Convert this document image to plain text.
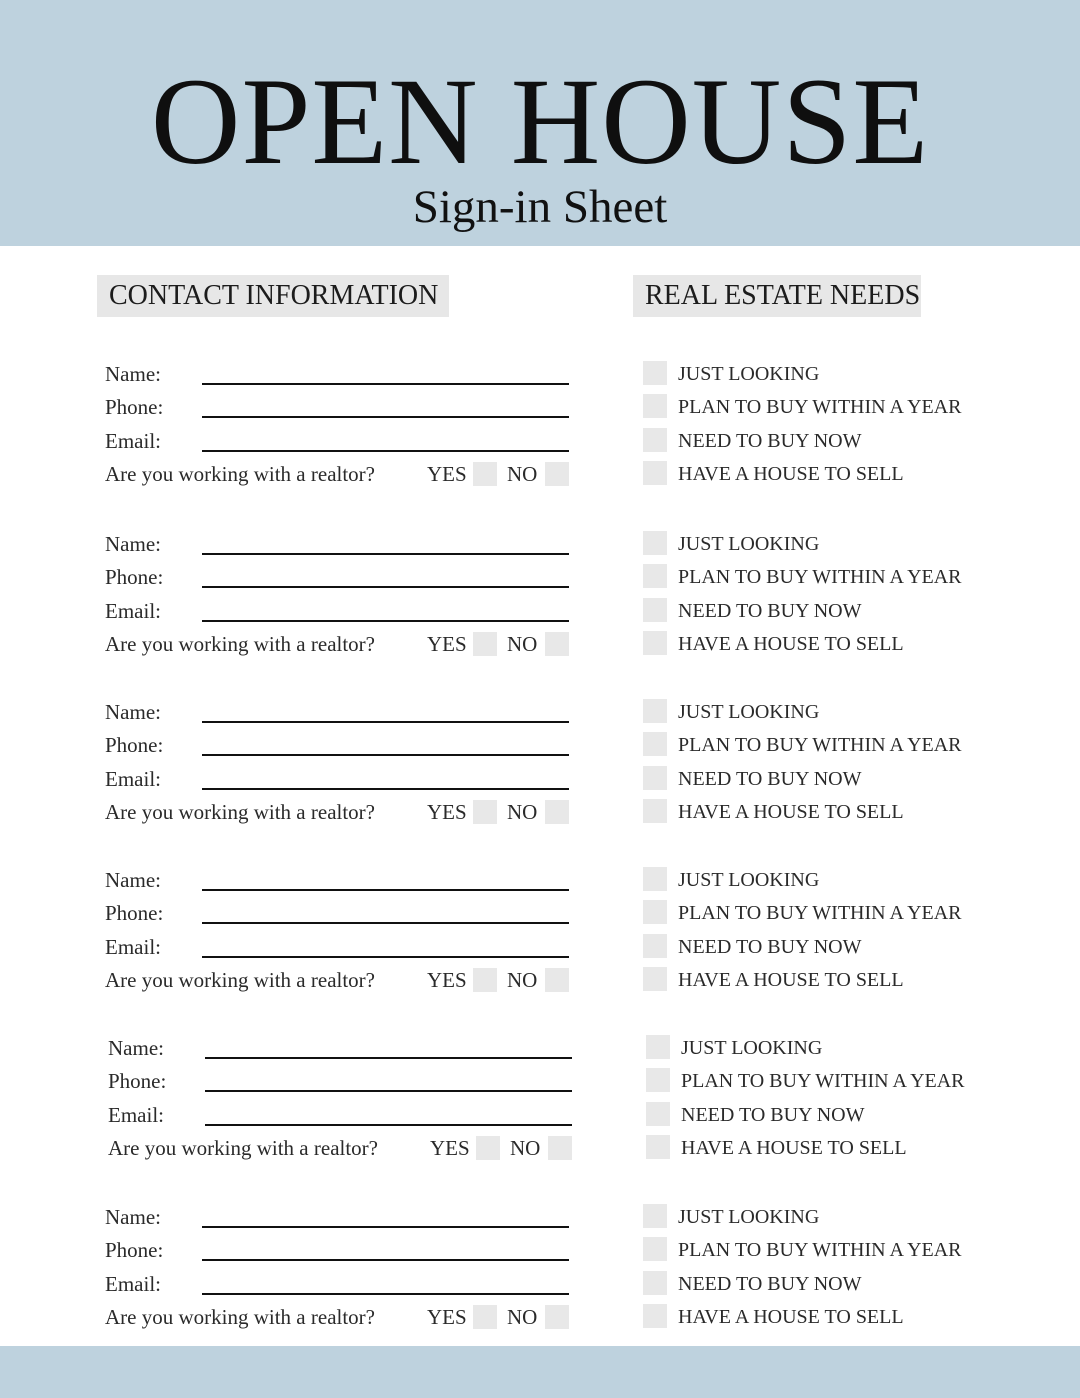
OPEN HOUSE
Sign-in Sheet
CONTACT INFORMATION	REAL ESTATE NEEDS
Name:
Phone:
Email:
Are you working with a realtor? YES NO
JUST LOOKING
PLAN TO BUY WITHIN A YEAR
NEED TO BUY NOW
HAVE A HOUSE TO SELL
Name:
Phone:
Email:
Are you working with a realtor? YES NO
JUST LOOKING
PLAN TO BUY WITHIN A YEAR
NEED TO BUY NOW
HAVE A HOUSE TO SELL
Name:
Phone:
Email:
Are you working with a realtor? YES NO
JUST LOOKING
PLAN TO BUY WITHIN A YEAR
NEED TO BUY NOW
HAVE A HOUSE TO SELL
Name:
Phone:
Email:
Are you working with a realtor? YES NO
JUST LOOKING
PLAN TO BUY WITHIN A YEAR
NEED TO BUY NOW
HAVE A HOUSE TO SELL
Name:
Phone:
Email:
Are you working with a realtor? YES NO
JUST LOOKING
PLAN TO BUY WITHIN A YEAR
NEED TO BUY NOW
HAVE A HOUSE TO SELL
Name:
Phone:
Email:
Are you working with a realtor? YES NO
JUST LOOKING
PLAN TO BUY WITHIN A YEAR
NEED TO BUY NOW
HAVE A HOUSE TO SELL
